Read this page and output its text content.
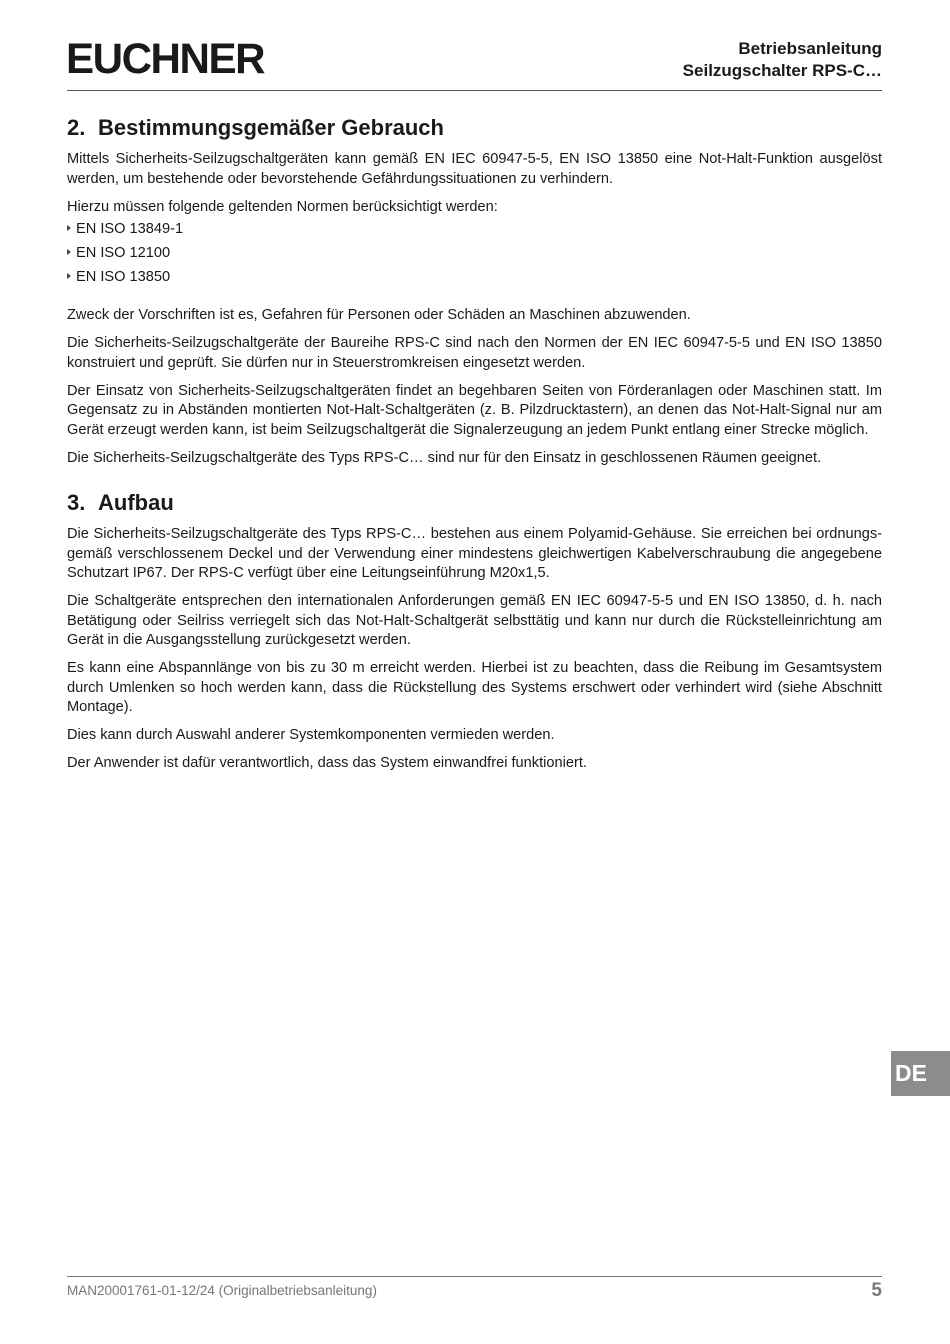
EUCHNER	Betriebsanleitung
Seilzugschalter RPS-C…
2. Bestimmungsgemäßer Gebrauch

Mittels Sicherheits-Seilzugschaltgeräten kann gemäß EN IEC 60947-5-5, EN ISO 13850 eine Not-Halt-Funktion ausgelöst werden, um bestehende oder bevorstehende Gefährdungssituationen zu verhindern.

Hierzu müssen folgende geltenden Normen berücksichtigt werden:

EN ISO 13849-1
EN ISO 12100
EN ISO 13850

Zweck der Vorschriften ist es, Gefahren für Personen oder Schäden an Maschinen abzuwenden.

Die Sicherheits-Seilzugschaltgeräte der Baureihe RPS-C sind nach den Normen der EN IEC 60947-5-5 und EN ISO 13850 konstruiert und geprüft. Sie dürfen nur in Steuerstromkreisen eingesetzt werden.

Der Einsatz von Sicherheits-Seilzugschaltgeräten findet an begehbaren Seiten von Förderanlagen oder Maschinen statt. Im Gegensatz zu in Abständen montierten Not-Halt-Schaltgeräten (z. B. Pilzdrucktastern), an denen das Not-Halt-Signal nur am Gerät erzeugt werden kann, ist beim Seilzugschaltgerät die Signalerzeugung an jedem Punkt entlang einer Strecke möglich.

Die Sicherheits-Seilzugschaltgeräte des Typs RPS-C… sind nur für den Einsatz in geschlossenen Räumen geeignet.

3. Aufbau

Die Sicherheits-Seilzugschaltgeräte des Typs RPS-C… bestehen aus einem Polyamid-Gehäuse. Sie erreichen bei ordnungsgemäß verschlossenem Deckel und der Verwendung einer mindestens gleichwertigen Kabelverschraubung die angegebene Schutzart IP67. Der RPS-C verfügt über eine Leitungseinführung M20x1,5.

Die Schaltgeräte entsprechen den internationalen Anforderungen gemäß EN IEC 60947-5-5 und EN ISO 13850, d. h. nach Betätigung oder Seilriss verriegelt sich das Not-Halt-Schaltgerät selbsttätig und kann nur durch die Rückstelleinrichtung am Gerät in die Ausgangsstellung zurückgesetzt werden.

Es kann eine Abspannlänge von bis zu 30 m erreicht werden. Hierbei ist zu beachten, dass die Reibung im Gesamtsystem durch Umlenken so hoch werden kann, dass die Rückstellung des Systems erschwert oder verhindert wird (siehe Abschnitt Montage).

Dies kann durch Auswahl anderer Systemkomponenten vermieden werden.

Der Anwender ist dafür verantwortlich, dass das System einwandfrei funktioniert.

DE
MAN20001761-01-12/24 (Originalbetriebsanleitung)	5
